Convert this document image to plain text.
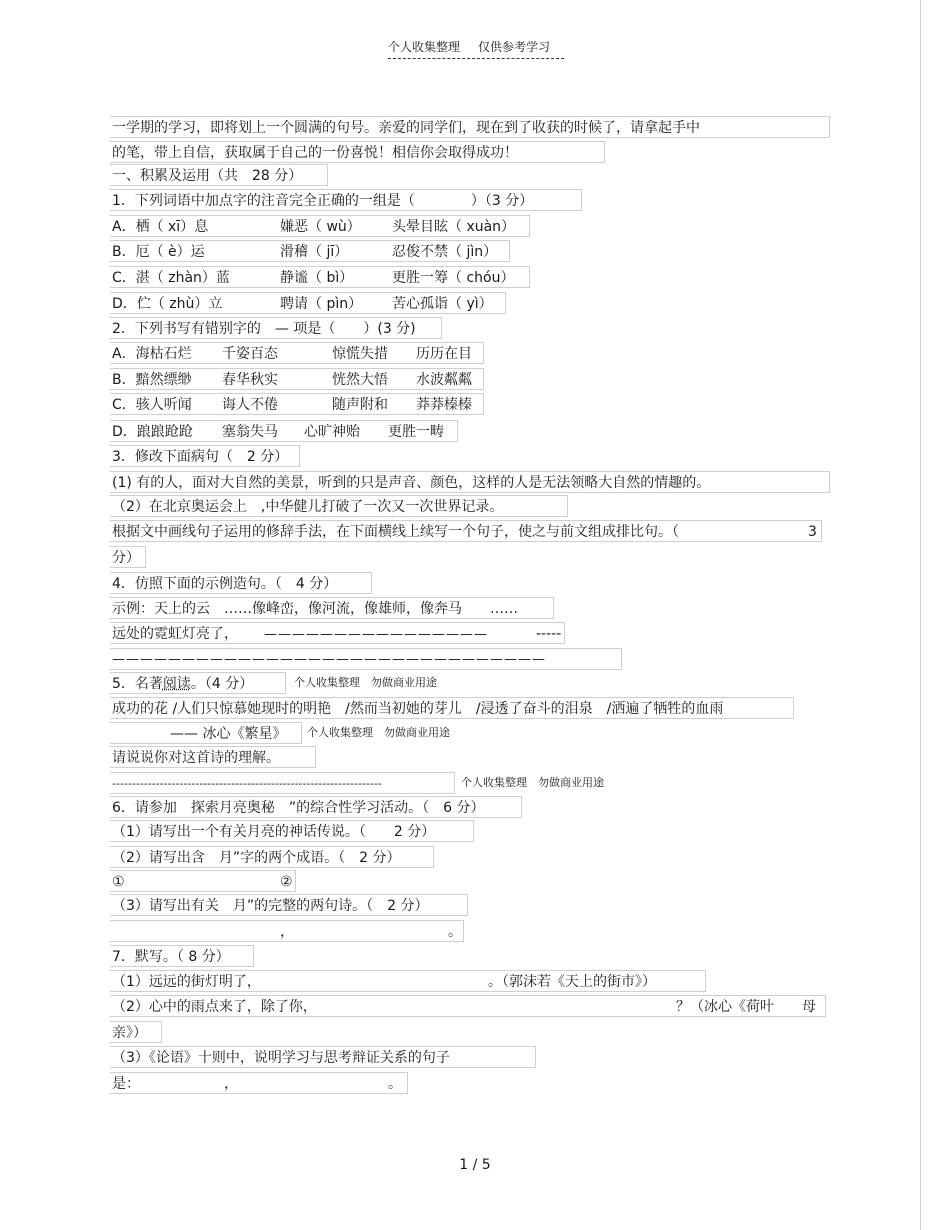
个人收集整理 仅供参考学习
一学期的学习，即将划上一个圆满的句号。亲爱的同学们，现在到了收获的时候了，请拿起手中
的笔，带上自信，获取属于自己的一份喜悦！相信你会取得成功！
一、积累及运用（共　28 分）
1．下列词语中加点字的注音完全正确的一组是（　　　　）（3 分）
A．栖（ xī）息	嫌恶（ wù） 头晕目眩（ xuàn）
B．厄（ è）运	滑稽（ jī）	忍俊不禁（ jìn）
C．湛（ zhàn）蓝	静谧（ bì）	更胜一筹（ chóu）
D．伫（ zhù）立	聘请（ pìn） 苦心孤诣（ yì）
2．下列书写有错别字的　— 项是（　　）(3 分)
A．海枯石烂 千姿百态	惊慌失措 历历在目
B．黯然缥缈 春华秋实	恍然大悟 水波粼粼
C．骇人听闻 诲人不倦	随声附和 莽莽榛榛
D．踉踉跄跄 塞翁失马 心旷神贻 更胜一畴
3．修改下面病句（　2 分）
(1) 有的人，面对大自然的美景，听到的只是声音、颜色，这样的人是无法领略大自然的情趣的。
（2）在北京奥运会上　,中华健儿打破了一次又一次世界记录。
根据文中画线句子运用的修辞手法，在下面横线上续写一个句子，使之与前文组成排比句。（	3
分）
4．仿照下面的示例造句。（　4 分）
示例：天上的云　……像峰峦，像河流，像雄师，像奔马　　……
远处的霓虹灯亮了， ————————————————	-----
———————————————————————————————
5．名著阅读。（4 分）	个人收集整理　勿做商业用途
成功的花 /人们只惊慕她现时的明艳　/然而当初她的芽儿　/浸透了奋斗的泪泉　/洒遍了牺牲的血雨
—— 冰心《繁星》	个人收集整理　勿做商业用途
请说说你对这首诗的理解。
--------------------------------------------------------------------	个人收集整理　勿做商业用途
6．请参加　探索月亮奥秘　”的综合性学习活动。（　6 分）
（1）请写出一个有关月亮的神话传说。（　　2 分）
（2）请写出含　月”字的两个成语。（　2 分）
①	②
（3）请写出有关　月”的完整的两句诗。（　2 分）
，	。
7．默写。（ 8 分）
（1）远远的街灯明了，	。（郭沫若《天上的街市》）
（2）心中的雨点来了，除了你，	？（冰心《荷叶　　母
亲》）
（3）《论语》十则中，说明学习与思考辩证关系的句子
是：	，	。
1 / 5
